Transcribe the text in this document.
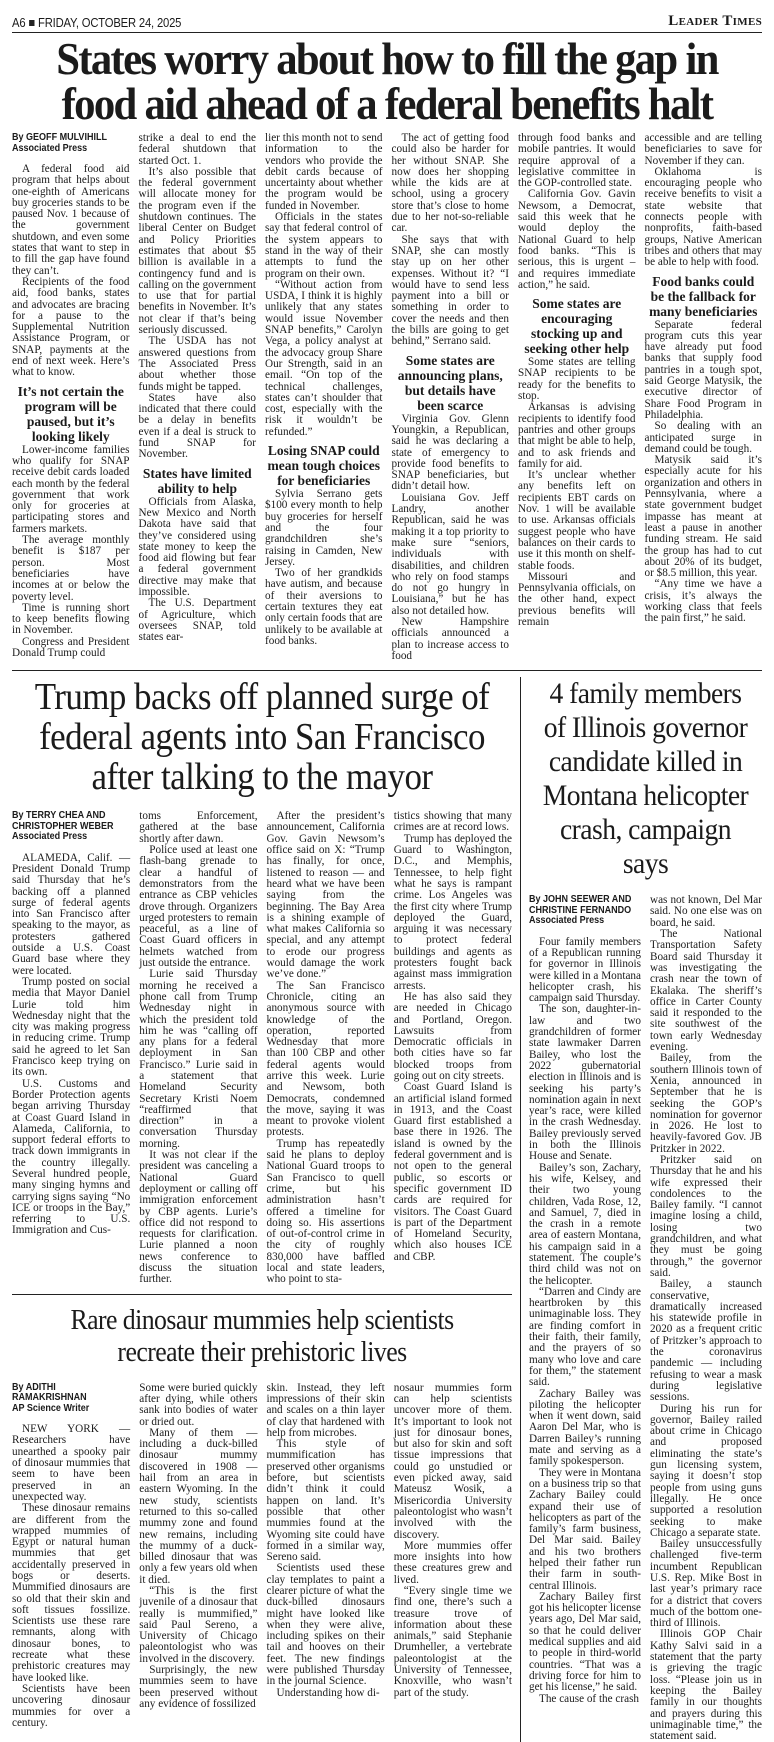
A6 FRIDAY, OCTOBER 24, 2025	Leader Times
States worry about how to fill the gap in food aid ahead of a federal benefits halt

By GEOFF MULVIHILL
Associated Press

A federal food aid program that helps about one-eighth of Americans buy groceries stands to be paused Nov. 1 because of the government shutdown, and even some states that want to step in to fill the gap have found they can’t.

Recipients of the food aid, food banks, states and advocates are bracing for a pause to the Supplemental Nutrition Assistance Program, or SNAP, payments at the end of next week. Here’s what to know.

It’s not certain the program will be paused, but it’s looking likely

Lower-income families who qualify for SNAP receive debit cards loaded each month by the federal government that work only for groceries at participating stores and farmers markets.

The average monthly benefit is $187 per person. Most beneficiaries have incomes at or below the poverty level.

Time is running short to keep benefits flowing in November.

Congress and President Donald Trump could

strike a deal to end the federal shutdown that started Oct. 1.

It’s also possible that the federal government will allocate money for the program even if the shutdown continues. The liberal Center on Budget and Policy Priorities estimates that about $5 billion is available in a contingency fund and is calling on the government to use that for partial benefits in November. It’s not clear if that’s being seriously discussed.

The USDA has not answered questions from The Associated Press about whether those funds might be tapped.

States have also indicated that there could be a delay in benefits even if a deal is struck to fund SNAP for November.

States have limited ability to help

Officials from Alaska, New Mexico and North Dakota have said that they’ve considered using state money to keep the food aid flowing but fear a federal government directive may make that impossible.

The U.S. Department of Agriculture, which oversees SNAP, told states ear-

lier this month not to send information to the vendors who provide the debit cards because of uncertainty about whether the program would be funded in November.

Officials in the states say that federal control of the system appears to stand in the way of their attempts to fund the program on their own.

“Without action from USDA, I think it is highly unlikely that any states would issue November SNAP benefits,” Carolyn Vega, a policy analyst at the advocacy group Share Our Strength, said in an email. “On top of the technical challenges, states can’t shoulder that cost, especially with the risk it wouldn’t be refunded.”

Losing SNAP could mean tough choices for beneficiaries

Sylvia Serrano gets $100 every month to help buy groceries for herself and the four grandchildren she’s raising in Camden, New Jersey.

Two of her grandkids have autism, and because of their aversions to certain textures they eat only certain foods that are unlikely to be available at food banks.

The act of getting food could also be harder for her without SNAP. She now does her shopping while the kids are at school, using a grocery store that’s close to home due to her not-so-reliable car.

She says that with SNAP, she can mostly stay up on her other expenses. Without it? “I would have to send less payment into a bill or something in order to cover the needs and then the bills are going to get behind,” Serrano said.

Some states are announcing plans, but details have been scarce

Virginia Gov. Glenn Youngkin, a Republican, said he was declaring a state of emergency to provide food benefits to SNAP beneficiaries, but didn’t detail how.

Louisiana Gov. Jeff Landry, another Republican, said he was making it a top priority to make sure “seniors, individuals with disabilities, and children who rely on food stamps do not go hungry in Louisiana,” but he has also not detailed how.

New Hampshire officials announced a plan to increase access to food

through food banks and mobile pantries. It would require approval of a legislative committee in the GOP-controlled state.

California Gov. Gavin Newsom, a Democrat, said this week that he would deploy the National Guard to help food banks. “This is serious, this is urgent – and requires immediate action,” he said.

Some states are encouraging stocking up and seeking other help

Some states are telling SNAP recipients to be ready for the benefits to stop.

Arkansas is advising recipients to identify food pantries and other groups that might be able to help, and to ask friends and family for aid.

It’s unclear whether any benefits left on recipients EBT cards on Nov. 1 will be available to use. Arkansas officials suggest people who have balances on their cards to use it this month on shelf-stable foods.

Missouri and Pennsylvania officials, on the other hand, expect previous benefits will remain

accessible and are telling beneficiaries to save for November if they can.

Oklahoma is encouraging people who receive benefits to visit a state website that connects people with nonprofits, faith-based groups, Native American tribes and others that may be able to help with food.

Food banks could be the fallback for many beneficiaries

Separate federal program cuts this year have already put food banks that supply food pantries in a tough spot, said George Matysik, the executive director of Share Food Program in Philadelphia.

So dealing with an anticipated surge in demand could be tough.

Matysik said it’s especially acute for his organization and others in Pennsylvania, where a state government budget impasse has meant at least a pause in another funding stream. He said the group has had to cut about 20% of its budget, or $8.5 million, this year.

“Any time we have a crisis, it’s always the working class that feels the pain first,” he said.

Trump backs off planned surge of federal agents into San Francisco after talking to the mayor

By TERRY CHEA AND CHRISTOPHER WEBER
Associated Press

ALAMEDA, Calif. — President Donald Trump said Thursday that he’s backing off a planned surge of federal agents into San Francisco after speaking to the mayor, as protesters gathered outside a U.S. Coast Guard base where they were located.

Trump posted on social media that Mayor Daniel Lurie told him Wednesday night that the city was making progress in reducing crime. Trump said he agreed to let San Francisco keep trying on its own.

U.S. Customs and Border Protection agents began arriving Thursday at Coast Guard Island in Alameda, California, to support federal efforts to track down immigrants in the country illegally. Several hundred people, many singing hymns and carrying signs saying “No ICE or troops in the Bay,” referring to U.S. Immigration and Cus-

toms Enforcement, gathered at the base shortly after dawn.

Police used at least one flash-bang grenade to clear a handful of demonstrators from the entrance as CBP vehicles drove through. Organizers urged protesters to remain peaceful, as a line of Coast Guard officers in helmets watched from just outside the entrance.

Lurie said Thursday morning he received a phone call from Trump Wednesday night in which the president told him he was “calling off any plans for a federal deployment in San Francisco.” Lurie said in a statement that Homeland Security Secretary Kristi Noem “reaffirmed that direction” in a conversation Thursday morning.

It was not clear if the president was canceling a National Guard deployment or calling off immigration enforcement by CBP agents. Lurie’s office did not respond to requests for clarification. Lurie planned a noon news conference to discuss the situation further.

After the president’s announcement, California Gov. Gavin Newsom’s office said on X: “Trump has finally, for once, listened to reason — and heard what we have been saying from the beginning. The Bay Area is a shining example of what makes California so special, and any attempt to erode our progress would damage the work we’ve done.”

The San Francisco Chronicle, citing an anonymous source with knowledge of the operation, reported Wednesday that more than 100 CBP and other federal agents would arrive this week. Lurie and Newsom, both Democrats, condemned the move, saying it was meant to provoke violent protests.

Trump has repeatedly said he plans to deploy National Guard troops to San Francisco to quell crime, but his administration hasn’t offered a timeline for doing so. His assertions of out-of-control crime in the city of roughly 830,000 have baffled local and state leaders, who point to sta-

tistics showing that many crimes are at record lows.

Trump has deployed the Guard to Washington, D.C., and Memphis, Tennessee, to help fight what he says is rampant crime. Los Angeles was the first city where Trump deployed the Guard, arguing it was necessary to protect federal buildings and agents as protesters fought back against mass immigration arrests.

He has also said they are needed in Chicago and Portland, Oregon. Lawsuits from Democratic officials in both cities have so far blocked troops from going out on city streets.

Coast Guard Island is an artificial island formed in 1913, and the Coast Guard first established a base there in 1926. The island is owned by the federal government and is not open to the general public, so escorts or specific government ID cards are required for visitors. The Coast Guard is part of the Department of Homeland Security, which also houses ICE and CBP.

Rare dinosaur mummies help scientists recreate their prehistoric lives

By ADITHI RAMAKRISHNAN
AP Science Writer

NEW YORK — Researchers have unearthed a spooky pair of dinosaur mummies that seem to have been preserved in an unexpected way.

These dinosaur remains are different from the wrapped mummies of Egypt or natural human mummies that get accidentally preserved in bogs or deserts. Mummified dinosaurs are so old that their skin and soft tissues fossilize. Scientists use these rare remnants, along with dinosaur bones, to recreate what these prehistoric creatures may have looked like.

Scientists have been uncovering dinosaur mummies for over a century.

Some were buried quickly after dying, while others sank into bodies of water or dried out.

Many of them — including a duck-billed dinosaur mummy discovered in 1908 — hail from an area in eastern Wyoming. In the new study, scientists returned to this so-called mummy zone and found new remains, including the mummy of a duck-billed dinosaur that was only a few years old when it died.

“This is the first juvenile of a dinosaur that really is mummified,” said Paul Sereno, a University of Chicago paleontologist who was involved in the discovery.

Surprisingly, the new mummies seem to have been preserved without any evidence of fossilized

skin. Instead, they left impressions of their skin and scales on a thin layer of clay that hardened with help from microbes.

This style of mummification has preserved other organisms before, but scientists didn’t think it could happen on land. It’s possible that other mummies found at the Wyoming site could have formed in a similar way, Sereno said.

Scientists used these clay templates to paint a clearer picture of what the duck-billed dinosaurs might have looked like when they were alive, including spikes on their tail and hooves on their feet. The new findings were published Thursday in the journal Science.

Understanding how di-

nosaur mummies form can help scientists uncover more of them. It’s important to look not just for dinosaur bones, but also for skin and soft tissue impressions that could go unstudied or even picked away, said Mateusz Wosik, a Misericordia University paleontologist who wasn’t involved with the discovery.

More mummies offer more insights into how these creatures grew and lived.

“Every single time we find one, there’s such a treasure trove of information about these animals,” said Stephanie Drumheller, a vertebrate paleontologist at the University of Tennessee, Knoxville, who wasn’t part of the study.

4 family members of Illinois governor candidate killed in Montana helicopter crash, campaign says

By JOHN SEEWER AND CHRISTINE FERNANDO
Associated Press

Four family members of a Republican running for governor in Illinois were killed in a Montana helicopter crash, his campaign said Thursday.

The son, daughter-in-law and two grandchildren of former state lawmaker Darren Bailey, who lost the 2022 gubernatorial election in Illinois and is seeking his party’s nomination again in next year’s race, were killed in the crash Wednesday. Bailey previously served in both the Illinois House and Senate.

Bailey’s son, Zachary, his wife, Kelsey, and their two young children, Vada Rose, 12, and Samuel, 7, died in the crash in a remote area of eastern Montana, his campaign said in a statement. The couple’s third child was not on the helicopter.

“Darren and Cindy are heartbroken by this unimaginable loss. They are finding comfort in their faith, their family, and the prayers of so many who love and care for them,” the statement said.

Zachary Bailey was piloting the helicopter when it went down, said Aaron Del Mar, who is Darren Bailey’s running mate and serving as a family spokesperson.

They were in Montana on a business trip so that Zachary Bailey could expand their use of helicopters as part of the family’s farm business, Del Mar said. Bailey and his two brothers helped their father run their farm in south-central Illinois.

Zachary Bailey first got his helicopter license years ago, Del Mar said, so that he could deliver medical supplies and aid to people in third-world countries. “That was a driving force for him to get his license,” he said.

The cause of the crash

was not known, Del Mar said. No one else was on board, he said.

The National Transportation Safety Board said Thursday it was investigating the crash near the town of Ekalaka. The sheriff’s office in Carter County said it responded to the site southwest of the town early Wednesday evening.

Bailey, from the southern Illinois town of Xenia, announced in September that he is seeking the GOP’s nomination for governor in 2026. He lost to heavily-favored Gov. JB Pritzker in 2022.

Pritzker said on Thursday that he and his wife expressed their condolences to the Bailey family. “I cannot imagine losing a child, losing two grandchildren, and what they must be going through,” the governor said.

Bailey, a staunch conservative, dramatically increased his statewide profile in 2020 as a frequent critic of Pritzker’s approach to the coronavirus pandemic — including refusing to wear a mask during legislative sessions.

During his run for governor, Bailey railed about crime in Chicago and proposed eliminating the state’s gun licensing system, saying it doesn’t stop people from using guns illegally. He once supported a resolution seeking to make Chicago a separate state.

Bailey unsuccessfully challenged five-term incumbent Republican U.S. Rep. Mike Bost in last year’s primary race for a district that covers much of the bottom one-third of Illinois.

Illinois GOP Chair Kathy Salvi said in a statement that the party is grieving the tragic loss. “Please join us in keeping the Bailey family in our thoughts and prayers during this unimaginable time,” the statement said.
